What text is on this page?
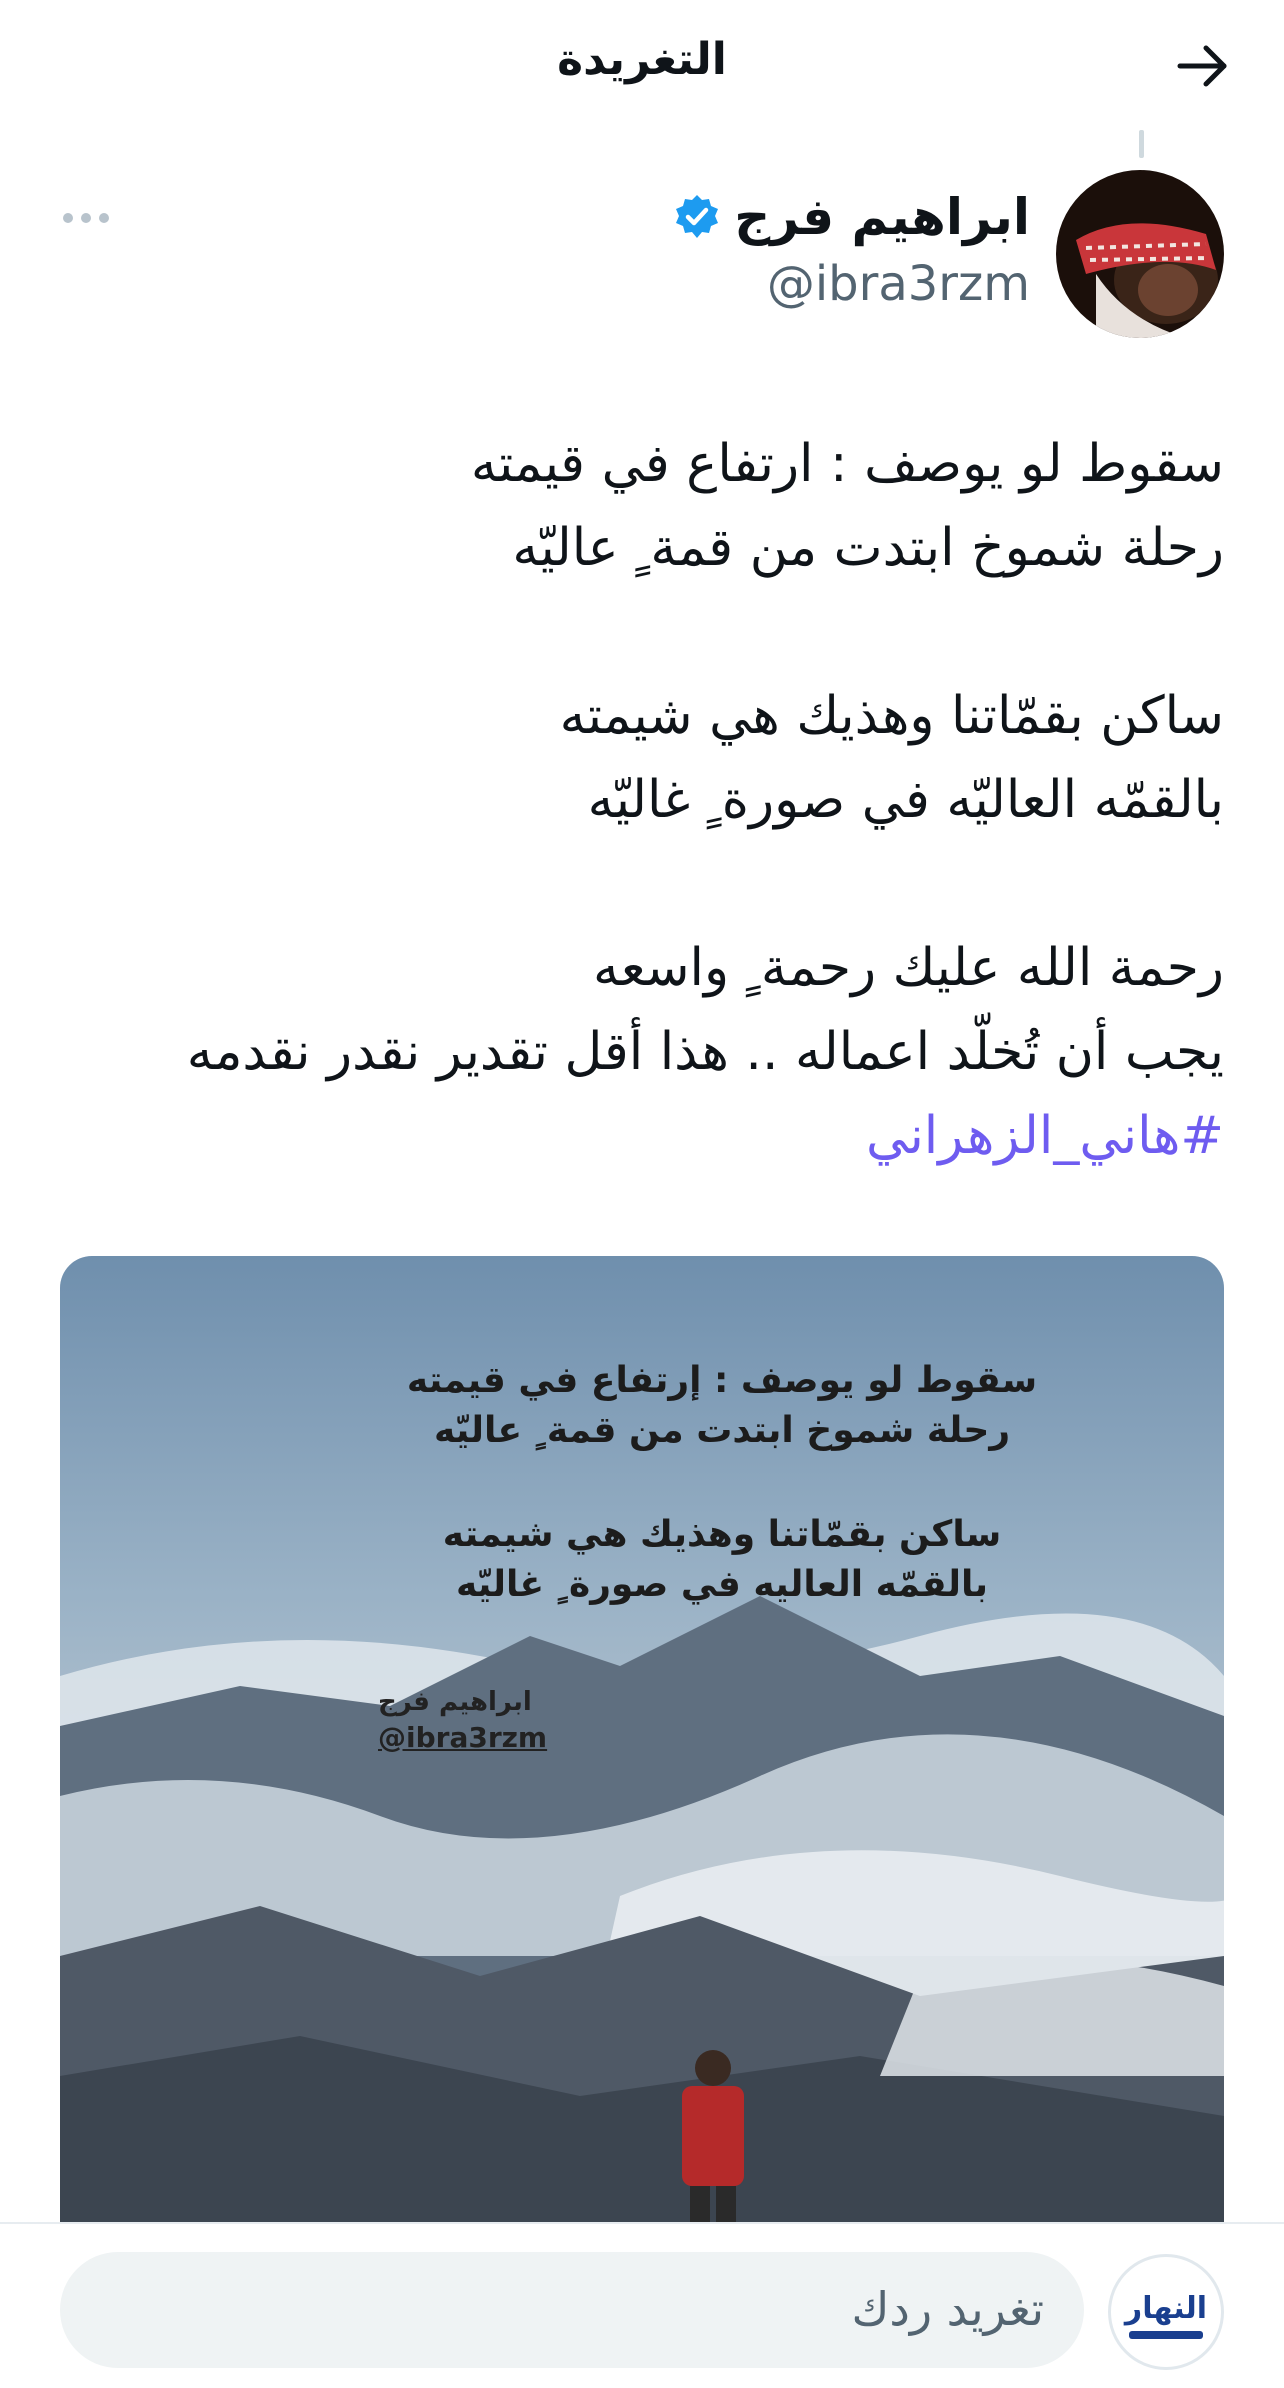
التغريدة
ابراهيم فرج
@ibra3rzm
سقوط لو يوصف : ارتفاع في قيمته
رحلة شموخ ابتدت من قمة ٍ عاليّه
ساكن بقمّاتنا وهذيك هي شيمته
بالقمّه العاليّه في صورة ٍ غاليّه
رحمة الله عليك رحمة ٍ واسعه
يجب أن تُخلّد اعماله .. هذا أقل تقدير نقدر نقدمه
#هاني_الزهراني
سقوط لو يوصف : إرتفاع في قيمته
رحلة شموخ ابتدت من قمة ٍ عاليّه
ساكن بقمّاتنا وهذيك هي شيمته
بالقمّه العاليه في صورة ٍ غاليّه
ابراهيم فرج
@ibra3rzm
تغريد ردك	النهار
